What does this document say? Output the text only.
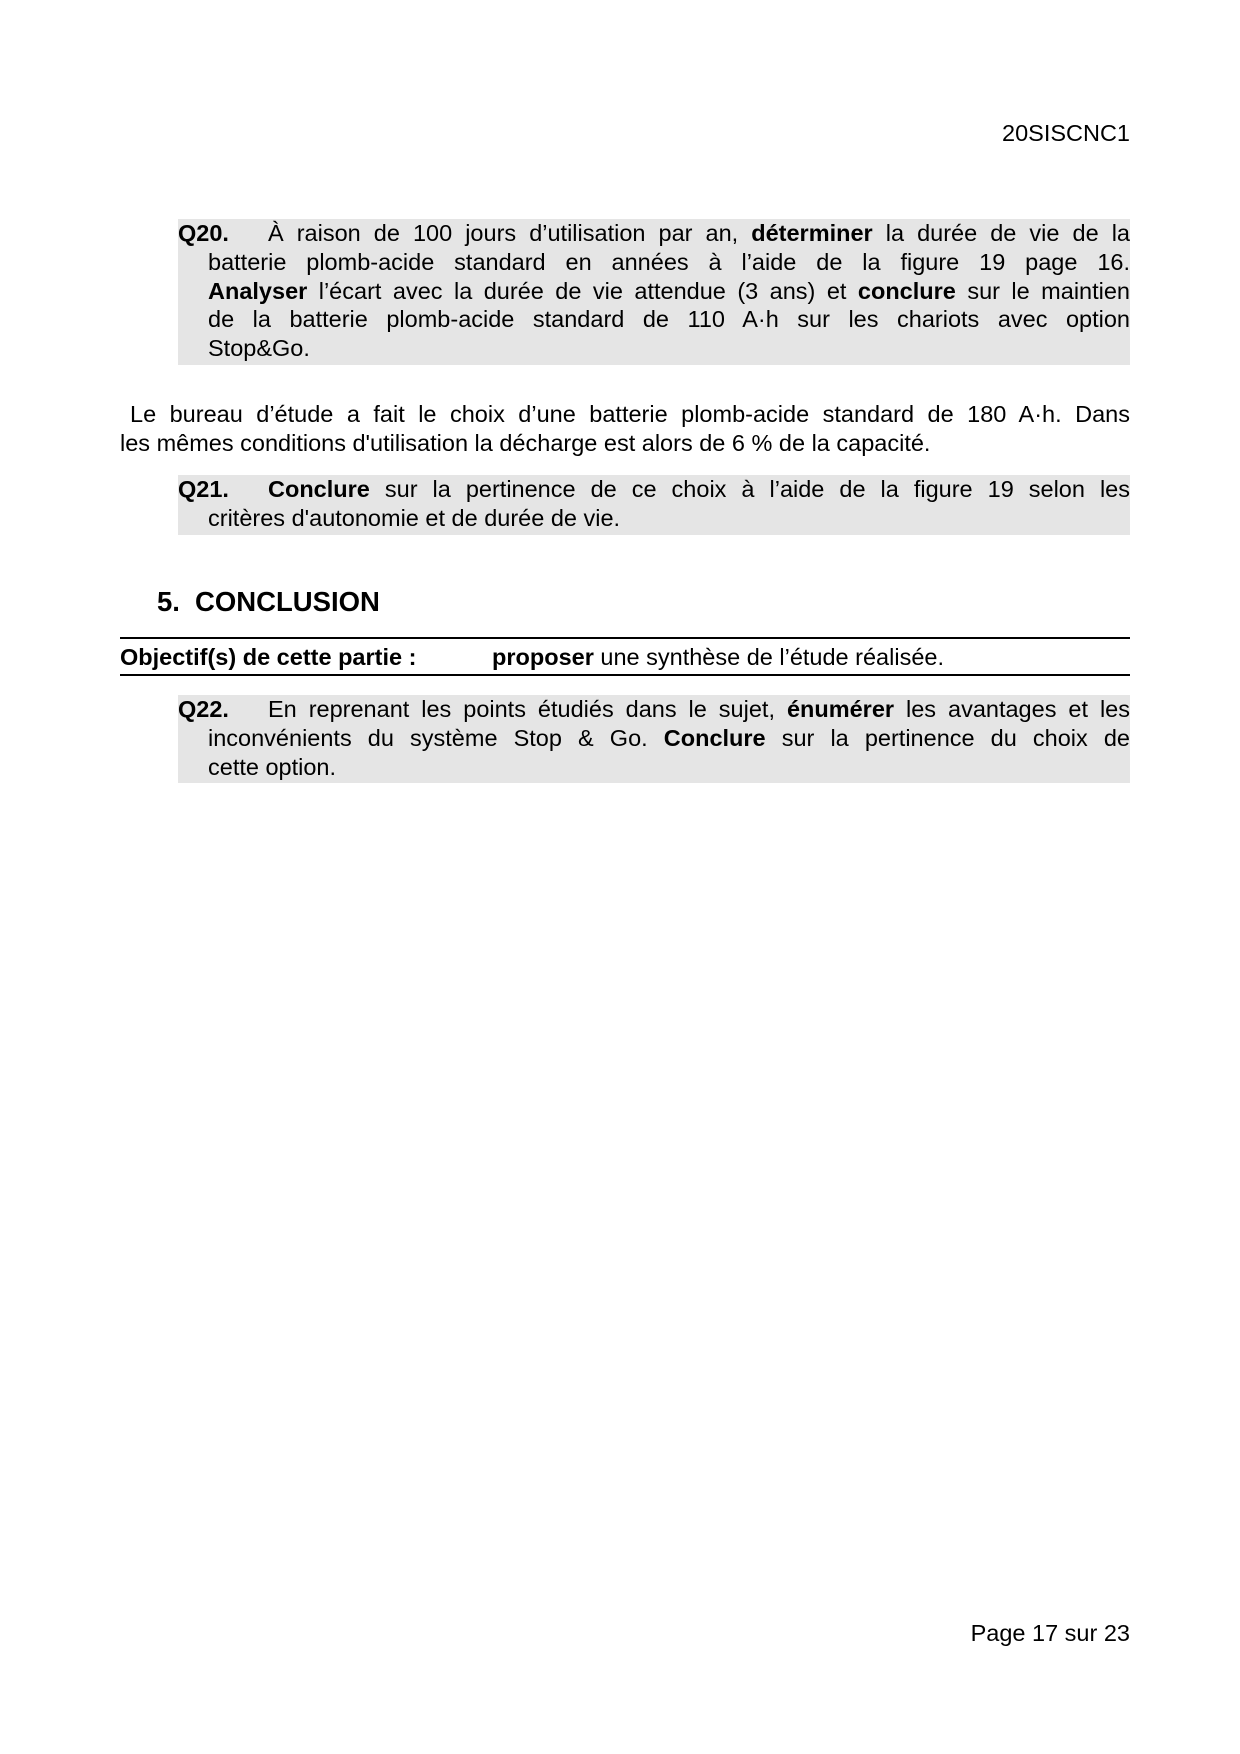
20SISCNC1
Q20. À raison de 100 jours d’utilisation par an, déterminer la durée de vie de la
batterie plomb-acide standard en années à l’aide de la figure 19 page 16.
Analyser l’écart avec la durée de vie attendue (3 ans) et conclure sur le maintien
de la batterie plomb-acide standard de 110 A·h sur les chariots avec option
Stop&Go.
Le bureau d’étude a fait le choix d’une batterie plomb-acide standard de 180 A·h. Dans
les mêmes conditions d'utilisation la décharge est alors de 6 % de la capacité.
Q21. Conclure sur la pertinence de ce choix à l’aide de la figure 19 selon les
critères d'autonomie et de durée de vie.
5. CONCLUSION
Objectif(s) de cette partie :	proposer une synthèse de l’étude réalisée.
Q22. En reprenant les points étudiés dans le sujet, énumérer les avantages et les
inconvénients du système Stop & Go. Conclure sur la pertinence du choix de
cette option.
Page 17 sur 23
